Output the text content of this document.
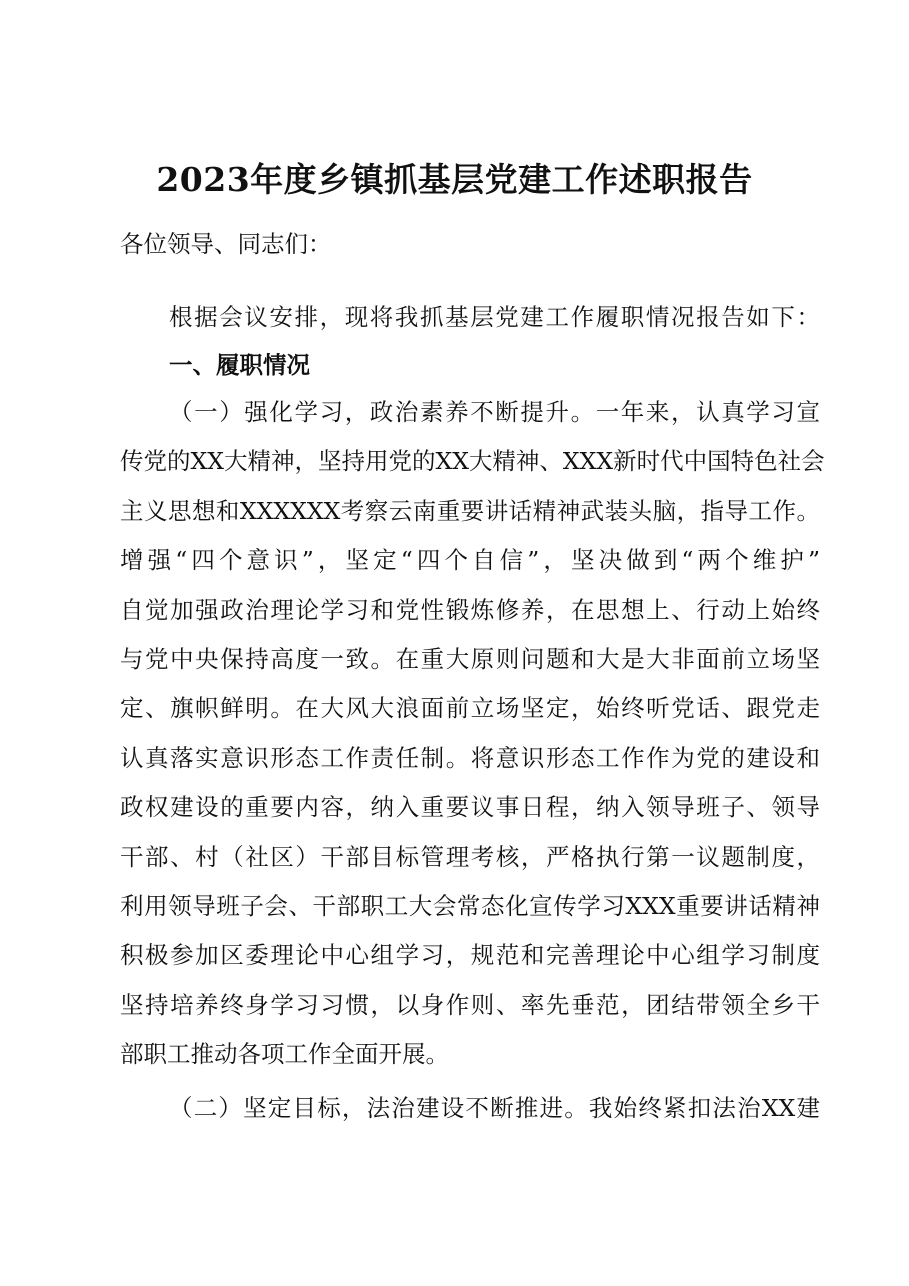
2023年度乡镇抓基层党建工作述职报告
各位领导、同志们：
根据会议安排，现将我抓基层党建工作履职情况报告如下：
一、履职情况
（一）强化学习，政治素养不断提升。一年来，认真学习宣
传党的XX大精神，坚持用党的XX大精神、XXX新时代中国特色社会
主义思想和XXXXXX考察云南重要讲话精神武装头脑，指导工作。
增强“四个意识”，坚定“四个自信”，坚决做到“两个维护”
自觉加强政治理论学习和党性锻炼修养，在思想上、行动上始终
与党中央保持高度一致。在重大原则问题和大是大非面前立场坚
定、旗帜鲜明。在大风大浪面前立场坚定，始终听党话、跟党走
认真落实意识形态工作责任制。将意识形态工作作为党的建设和
政权建设的重要内容，纳入重要议事日程，纳入领导班子、领导
干部、村（社区）干部目标管理考核，严格执行第一议题制度，
利用领导班子会、干部职工大会常态化宣传学习XXX重要讲话精神
积极参加区委理论中心组学习，规范和完善理论中心组学习制度
坚持培养终身学习习惯，以身作则、率先垂范，团结带领全乡干
部职工推动各项工作全面开展。
（二）坚定目标，法治建设不断推进。我始终紧扣法治XX建
